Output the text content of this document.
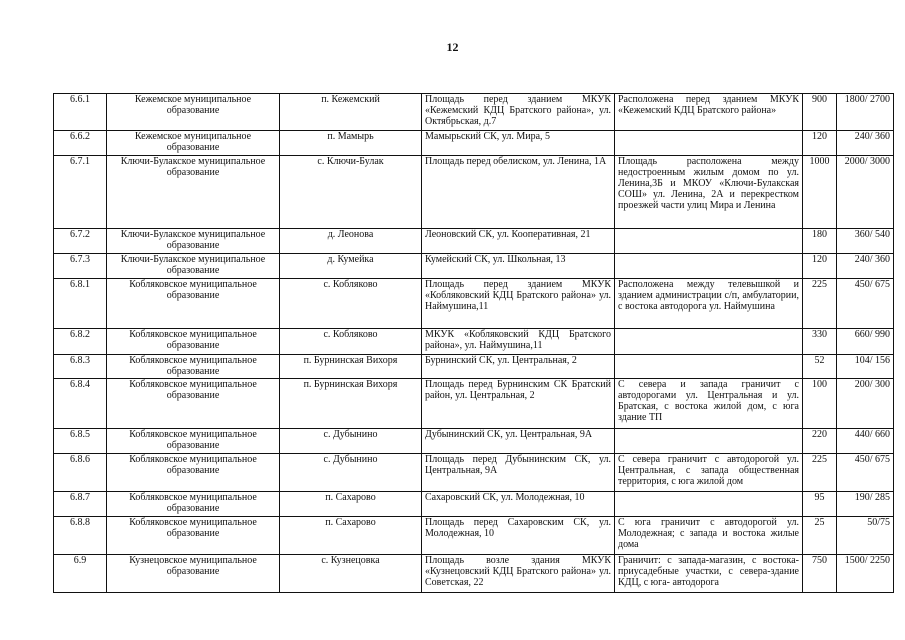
12
6.6.1	Кежемское муниципальное образование	п. Кежемский	Площадь перед зданием МКУК «Кежемский КДЦ Братского района», ул. Октябрьская, д.7	Расположена перед зданием МКУК «Кежемский КДЦ Братского района»	900	1800/ 2700
6.6.2	Кежемское муниципальное образование	п. Мамырь	Мамырьский СК, ул. Мира, 5		120	240/ 360
6.7.1	Ключи-Булакское муниципальное образование	с. Ключи-Булак	Площадь перед обелиском, ул. Ленина, 1А	Площадь расположена между недостроенным жилым домом по ул. Ленина,3Б и МКОУ «Ключи-Булакская СОШ» ул. Ленина, 2А и перекрестком проезжей части улиц Мира и Ленина	1000	2000/ 3000
6.7.2	Ключи-Булакское муниципальное образование	д. Леонова	Леоновский СК, ул. Кооперативная, 21		180	360/ 540
6.7.3	Ключи-Булакское муниципальное образование	д. Кумейка	Кумейский СК, ул. Школьная, 13		120	240/ 360
6.8.1	Кобляковское муниципальное образование	с. Кобляково	Площадь перед зданием МКУК «Кобляковский КДЦ Братского района» ул. Наймушина,11	Расположена между телевышкой и зданием администрации с/п, амбулатории, с востока автодорога ул. Наймушина	225	450/ 675
6.8.2	Кобляковское муниципальное образование	с. Кобляково	МКУК «Кобляковский КДЦ Братского района», ул. Наймушина,11		330	660/ 990
6.8.3	Кобляковское муниципальное образование	п. Бурнинская Вихоря	Бурнинский СК, ул. Центральная, 2		52	104/ 156
6.8.4	Кобляковское муниципальное образование	п. Бурнинская Вихоря	Площадь перед Бурнинским СК Братский район, ул. Центральная, 2	С севера и запада граничит с автодорогами ул. Центральная и ул. Братская, с востока жилой дом, с юга здание ТП	100	200/ 300
6.8.5	Кобляковское муниципальное образование	с. Дубынино	Дубынинский СК, ул. Центральная, 9А		220	440/ 660
6.8.6	Кобляковское муниципальное образование	с. Дубынино	Площадь перед Дубынинским СК, ул. Центральная, 9А	С севера граничит с автодорогой ул. Центральная, с запада общественная территория, с юга жилой дом	225	450/ 675
6.8.7	Кобляковское муниципальное образование	п. Сахарово	Сахаровский СК, ул. Молодежная, 10		95	190/ 285
6.8.8	Кобляковское муниципальное образование	п. Сахарово	Площадь перед Сахаровским СК, ул. Молодежная, 10	С юга граничит с автодорогой ул. Молодежная; с запада и востока жилые дома	25	50/75
6.9	Кузнецовское муниципальное образование	с. Кузнецовка	Площадь возле здания МКУК «Кузнецовский КДЦ Братского района» ул. Советская, 22	Граничит: с запада-магазин, с востока-приусадебные участки, с севера-здание КДЦ, с юга- автодорога	750	1500/ 2250
